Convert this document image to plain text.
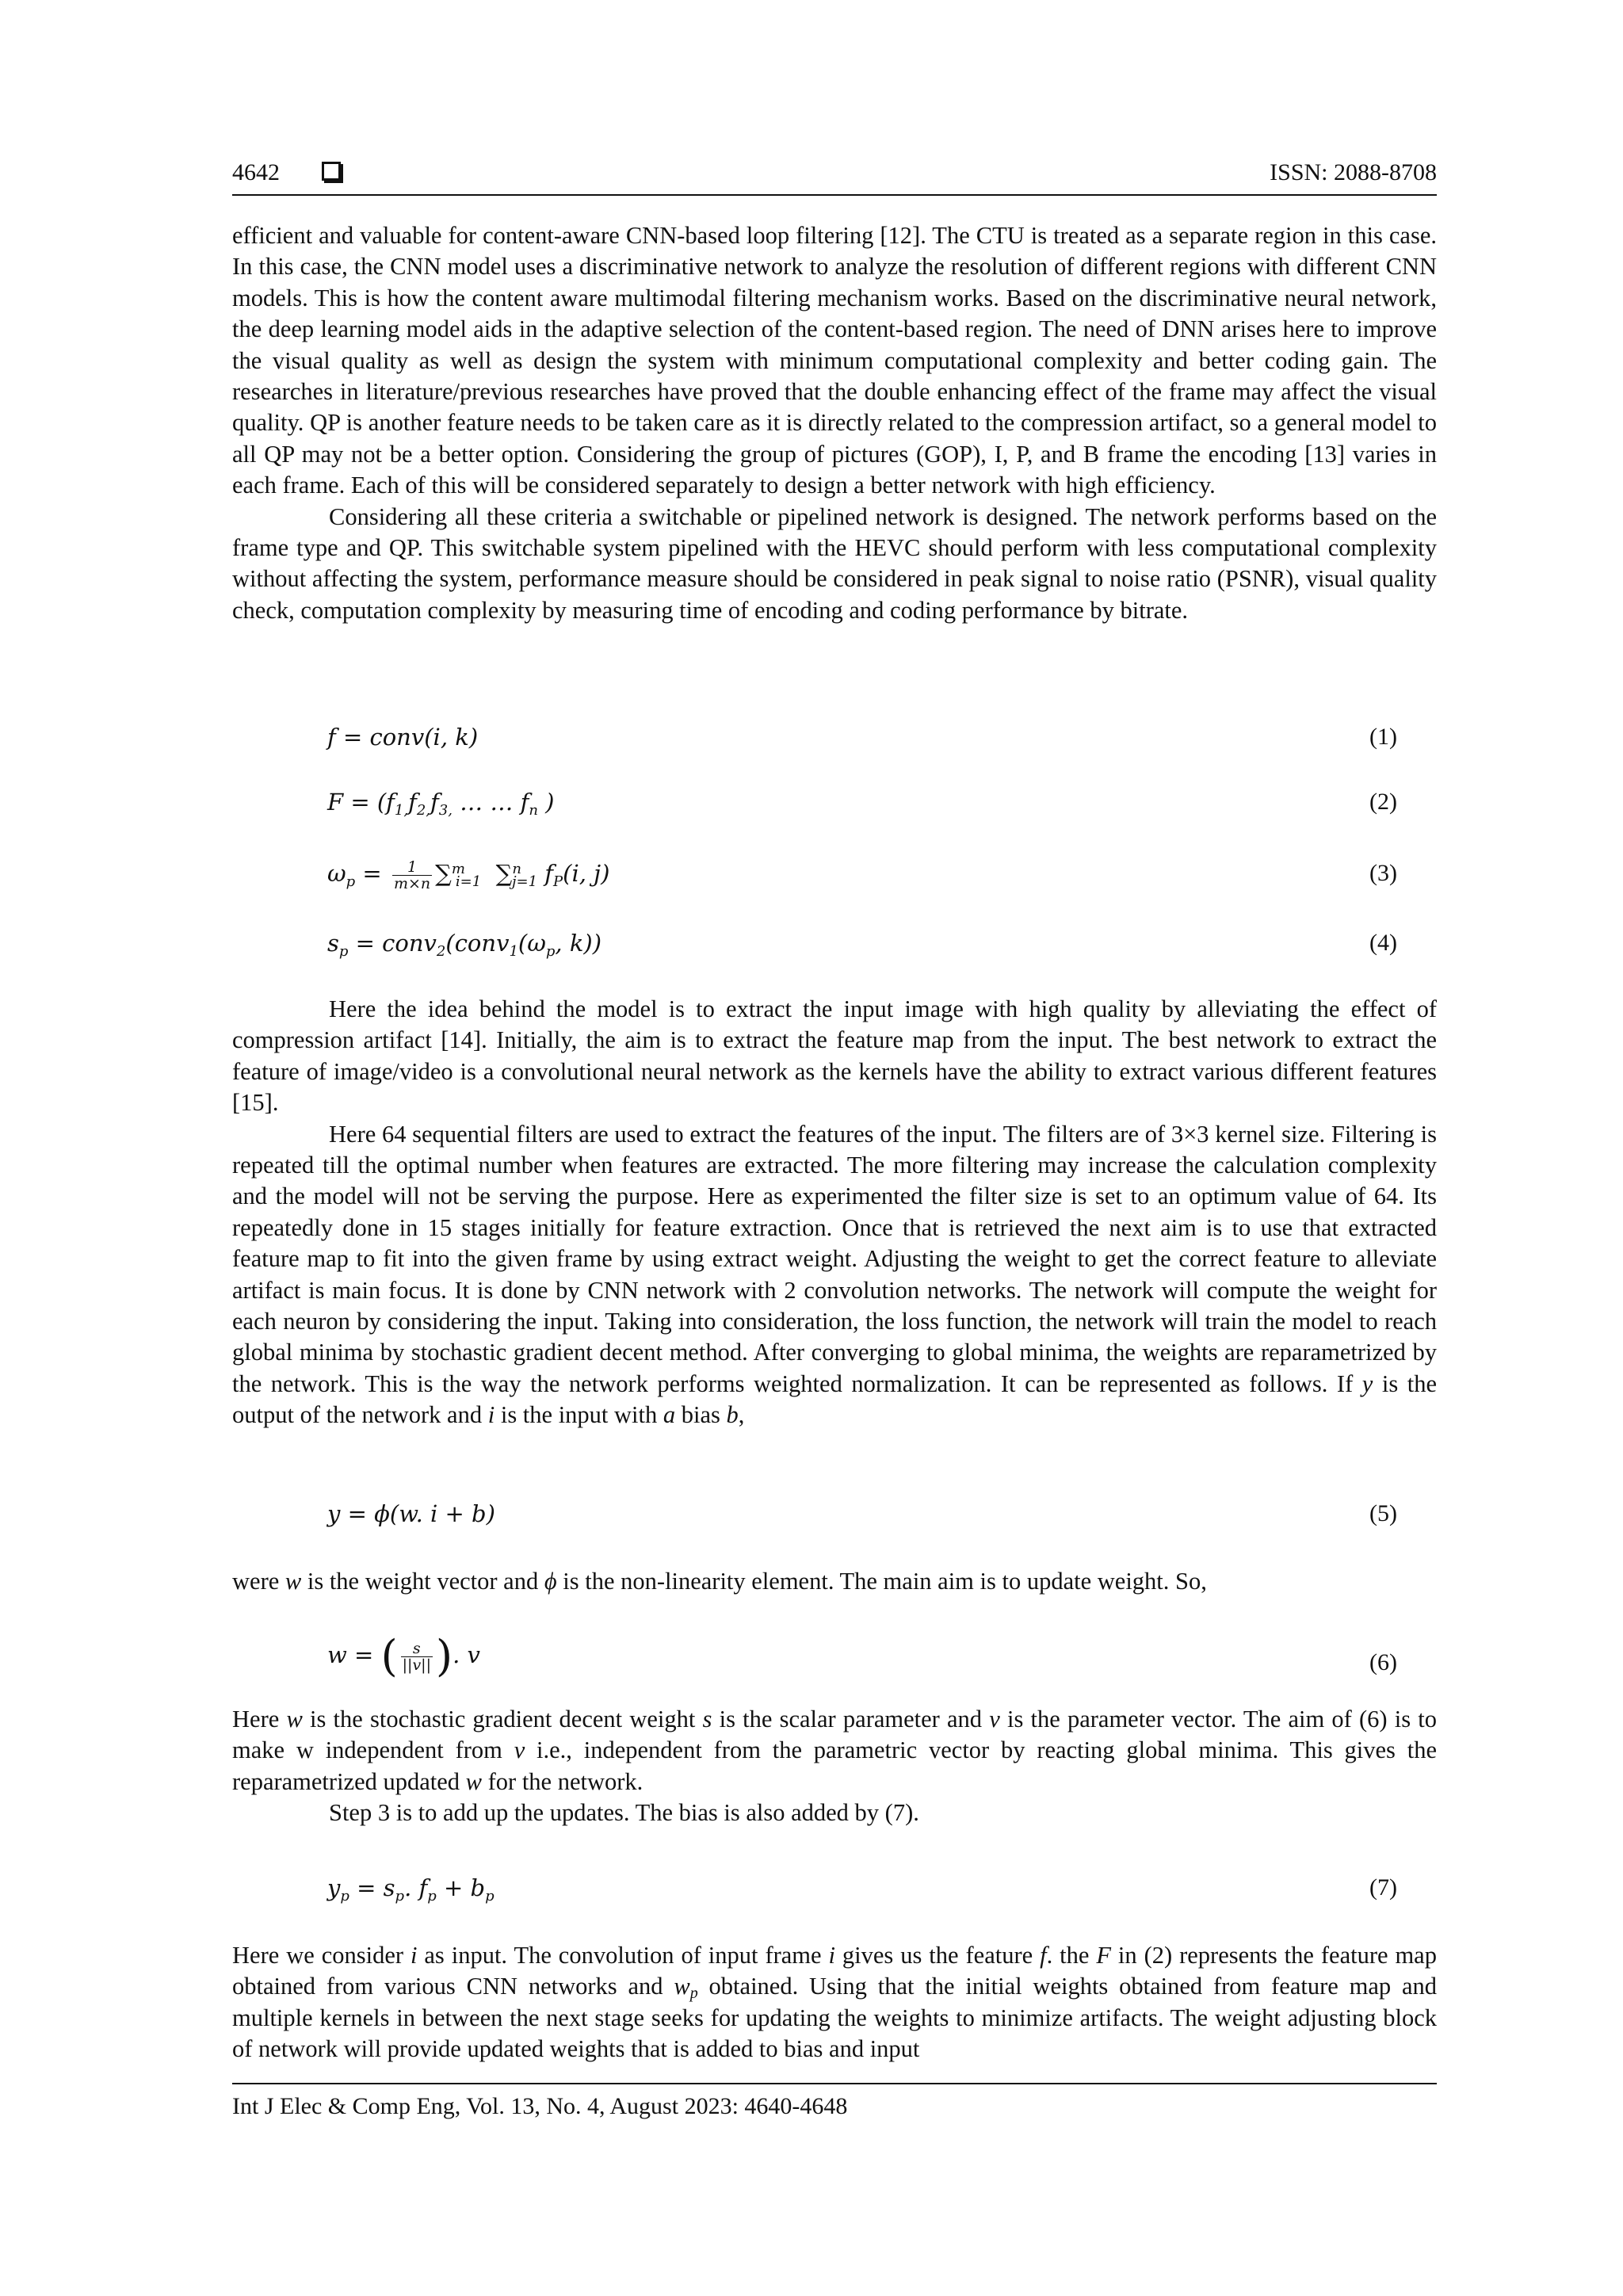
4642	ISSN: 2088-8708

efficient and valuable for content-aware CNN-based loop filtering [12]. The CTU is treated as a separate region in this case. In this case, the CNN model uses a discriminative network to analyze the resolution of different regions with different CNN models. This is how the content aware multimodal filtering mechanism works. Based on the discriminative neural network, the deep learning model aids in the adaptive selection of the content-based region. The need of DNN arises here to improve the visual quality as well as design the system with minimum computational complexity and better coding gain. The researches in literature/previous researches have proved that the double enhancing effect of the frame may affect the visual quality. QP is another feature needs to be taken care as it is directly related to the compression artifact, so a general model to all QP may not be a better option. Considering the group of pictures (GOP), I, P, and B frame the encoding [13] varies in each frame. Each of this will be considered separately to design a better network with high efficiency.

Considering all these criteria a switchable or pipelined network is designed. The network performs based on the frame type and QP. This switchable system pipelined with the HEVC should perform with less computational complexity without affecting the system, performance measure should be considered in peak signal to noise ratio (PSNR), visual quality check, computation complexity by measuring time of encoding and coding performance by bitrate.

f = conv(i, k)	(1)
$F = (f_{1,}f_{2,}f_{3,}$ … … $f_n$ )	(2)
$\omega_p = \frac{1}{m\times n} \sum^m_{i=1}$  ∑$^n_{j=1}$ $f_P(i$, j)	(3)
$s_p$ = $conv_2(conv_1(\omega_p$, k))	(4)

Here the idea behind the model is to extract the input image with high quality by alleviating the effect of compression artifact [14]. Initially, the aim is to extract the feature map from the input. The best network to extract the feature of image/video is a convolutional neural network as the kernels have the ability to extract various different features [15].

Here 64 sequential filters are used to extract the features of the input. The filters are of 3×3 kernel size. Filtering is repeated till the optimal number when features are extracted. The more filtering may increase the calculation complexity and the model will not be serving the purpose. Here as experimented the filter size is set to an optimum value of 64. Its repeatedly done in 15 stages initially for feature extraction. Once that is retrieved the next aim is to use that extracted feature map to fit into the given frame by using extract weight. Adjusting the weight to get the correct feature to alleviate artifact is main focus. It is done by CNN network with 2 convolution networks. The network will compute the weight for each neuron by considering the input. Taking into consideration, the loss function, the network will train the model to reach global minima by stochastic gradient decent method. After converging to global minima, the weights are reparametrized by the network. This is the way the network performs weighted normalization. It can be represented as follows. If y is the output of the network and i is the input with a bias b,

y = ϕ(w. i + b)	(5)

were w is the weight vector and ϕ is the non-linearity element. The main aim is to update weight. So,

w = ( $\frac{s}{||v||}$ ). v	(6)

Here w is the stochastic gradient decent weight s is the scalar parameter and v is the parameter vector. The aim of (6) is to make w independent from v i.e., independent from the parametric vector by reacting global minima. This gives the reparametrized updated w for the network.

Step 3 is to add up the updates. The bias is also added by (7).

$y_p = s_p$. $f_p + b_p$	(7)

Here we consider i as input. The convolution of input frame i gives us the feature f. the F in (2) represents the feature map obtained from various CNN networks and $w_p$ obtained. Using that the initial weights obtained from feature map and multiple kernels in between the next stage seeks for updating the weights to minimize artifacts. The weight adjusting block of network will provide updated weights that is added to bias and input

Int J Elec & Comp Eng, Vol. 13, No. 4, August 2023: 4640-4648
